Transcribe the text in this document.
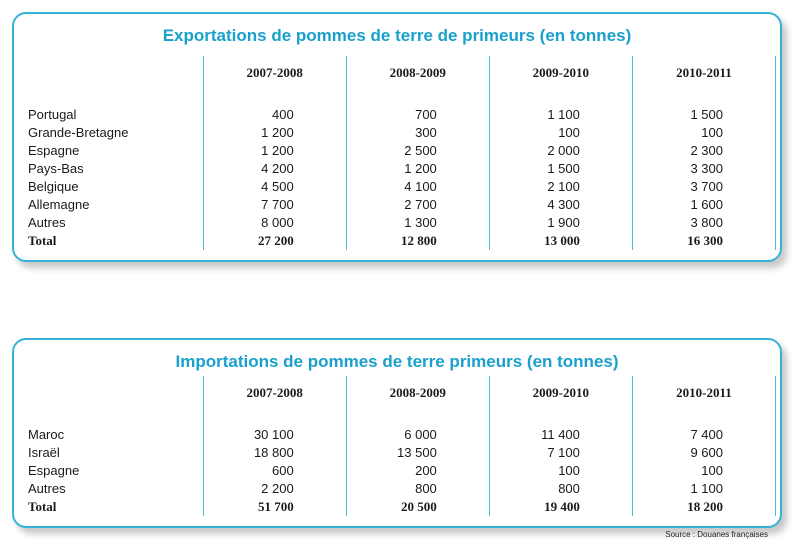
Exportations de pommes de terre de primeurs (en tonnes)
	2007-2008	2008-2009	2009-2010	2010-2011

Portugal	400	700	1 100	1 500
Grande-Bretagne	1 200	300	100	100
Espagne	1 200	2 500	2 000	2 300
Pays-Bas	4 200	1 200	1 500	3 300
Belgique	4 500	4 100	2 100	3 700
Allemagne	7 700	2 700	4 300	1 600
Autres	8 000	1 300	1 900	3 800
Total	27 200	12 800	13 000	16 300
Importations de pommes de terre primeurs (en tonnes)
	2007-2008	2008-2009	2009-2010	2010-2011

Maroc	30 100	6 000	11 400	7 400
Israël	18 800	13 500	7 100	9 600
Espagne	600	200	100	100
Autres	2 200	800	800	1 100
Total	51 700	20 500	19 400	18 200
Source : Douanes françaises
